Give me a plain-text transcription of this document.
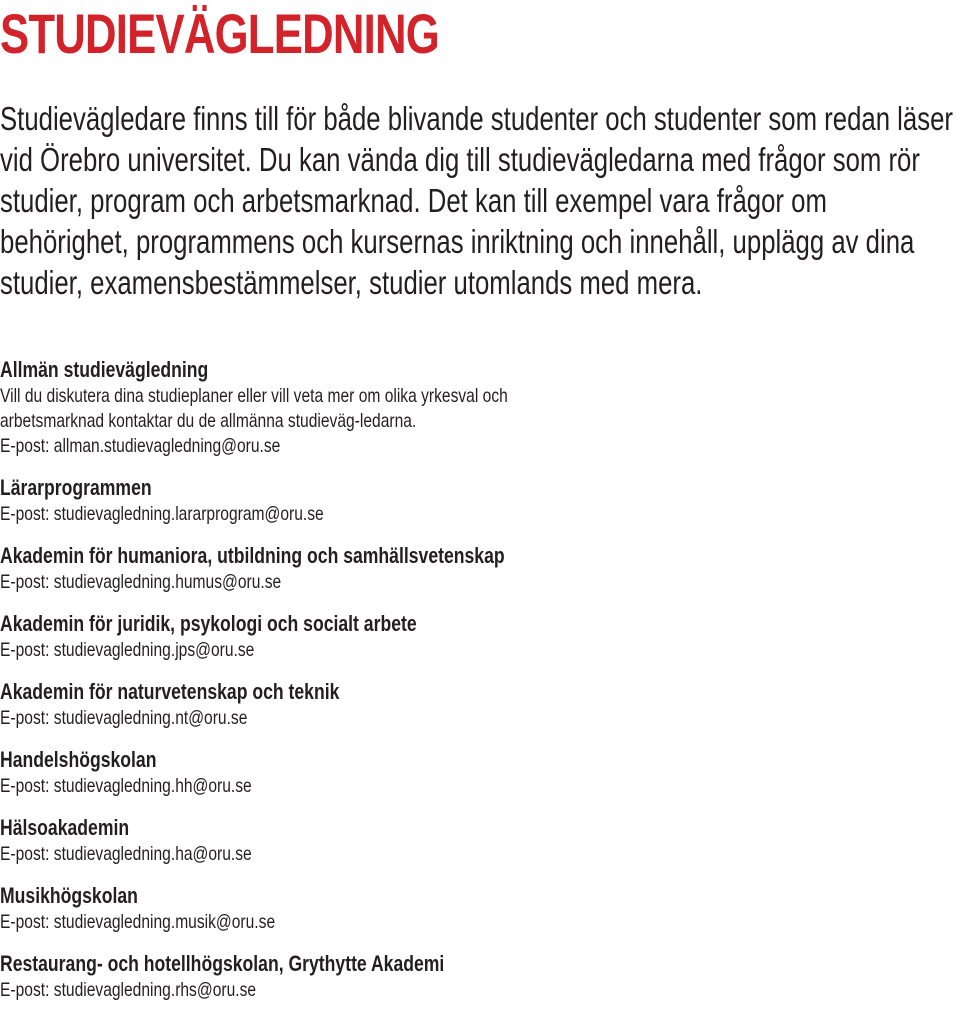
STUDIEVÄGLEDNING

Studievägledare finns till för både blivande studenter och studenter som redan läser vid Örebro universitet. Du kan vända dig till studievägledarna med frågor som rör studier, program och arbetsmarknad. Det kan till exempel vara frågor om behörighet, programmens och kursernas inriktning och innehåll, upplägg av dina studier, examensbestämmelser, studier utomlands med mera.

Allmän studievägledning

Vill du diskutera dina studieplaner eller vill veta mer om olika yrkesval och arbetsmarknad kontaktar du de allmänna studieväg-ledarna.

E-post: allman.studievagledning@oru.se

Lärarprogrammen

E-post: studievagledning.lararprogram@oru.se

Akademin för humaniora, utbildning och samhällsvetenskap

E-post: studievagledning.humus@oru.se

Akademin för juridik, psykologi och socialt arbete

E-post: studievagledning.jps@oru.se

Akademin för naturvetenskap och teknik

E-post: studievagledning.nt@oru.se

Handelshögskolan

E-post: studievagledning.hh@oru.se

Hälsoakademin

E-post: studievagledning.ha@oru.se

Musikhögskolan

E-post: studievagledning.musik@oru.se

Restaurang- och hotellhögskolan, Grythytte Akademi

E-post: studievagledning.rhs@oru.se
